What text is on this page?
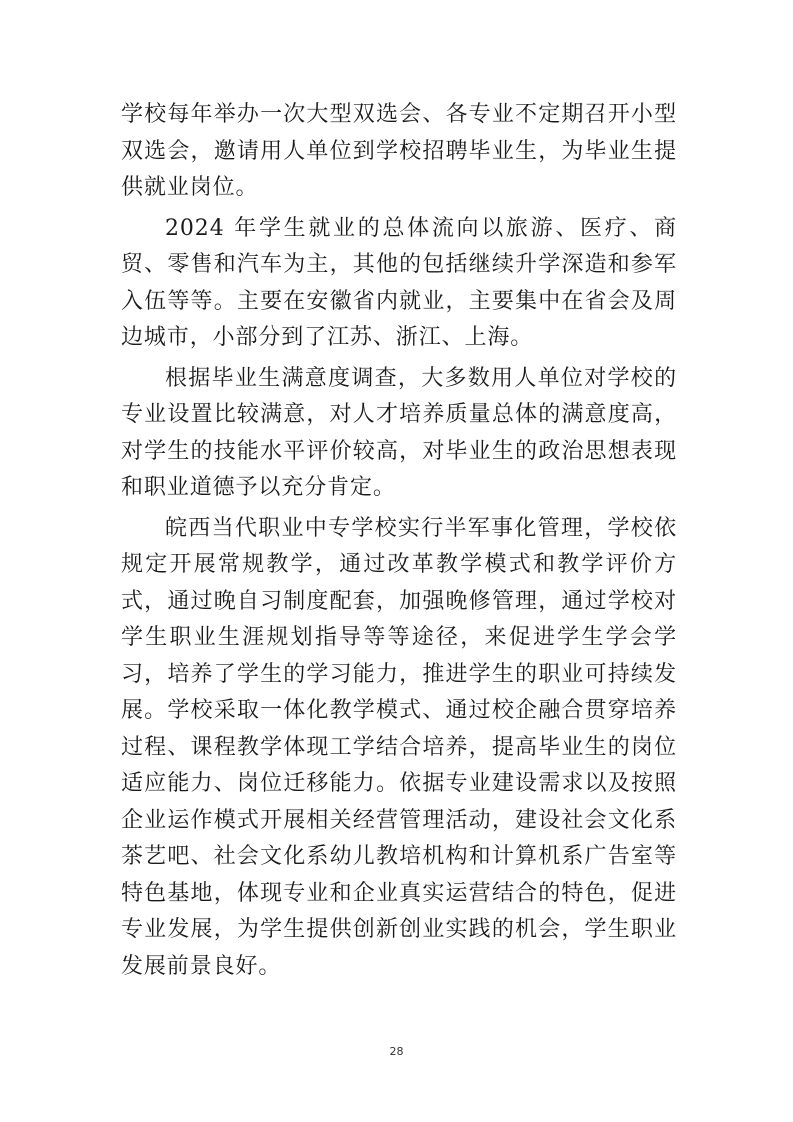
学校每年举办一次大型双选会、各专业不定期召开小型双选会，邀请用人单位到学校招聘毕业生，为毕业生提供就业岗位。

2024 年学生就业的总体流向以旅游、医疗、商贸、零售和汽车为主，其他的包括继续升学深造和参军入伍等等。主要在安徽省内就业，主要集中在省会及周边城市，小部分到了江苏、浙江、上海。

根据毕业生满意度调查，大多数用人单位对学校的专业设置比较满意，对人才培养质量总体的满意度高，对学生的技能水平评价较高，对毕业生的政治思想表现和职业道德予以充分肯定。

皖西当代职业中专学校实行半军事化管理，学校依规定开展常规教学，通过改革教学模式和教学评价方式，通过晚自习制度配套，加强晚修管理，通过学校对学生职业生涯规划指导等等途径，来促进学生学会学习，培养了学生的学习能力，推进学生的职业可持续发展。学校采取一体化教学模式、通过校企融合贯穿培养过程、课程教学体现工学结合培养，提高毕业生的岗位适应能力、岗位迁移能力。依据专业建设需求以及按照企业运作模式开展相关经营管理活动，建设社会文化系茶艺吧、社会文化系幼儿教培机构和计算机系广告室等特色基地，体现专业和企业真实运营结合的特色，促进专业发展，为学生提供创新创业实践的机会，学生职业发展前景良好。

28
